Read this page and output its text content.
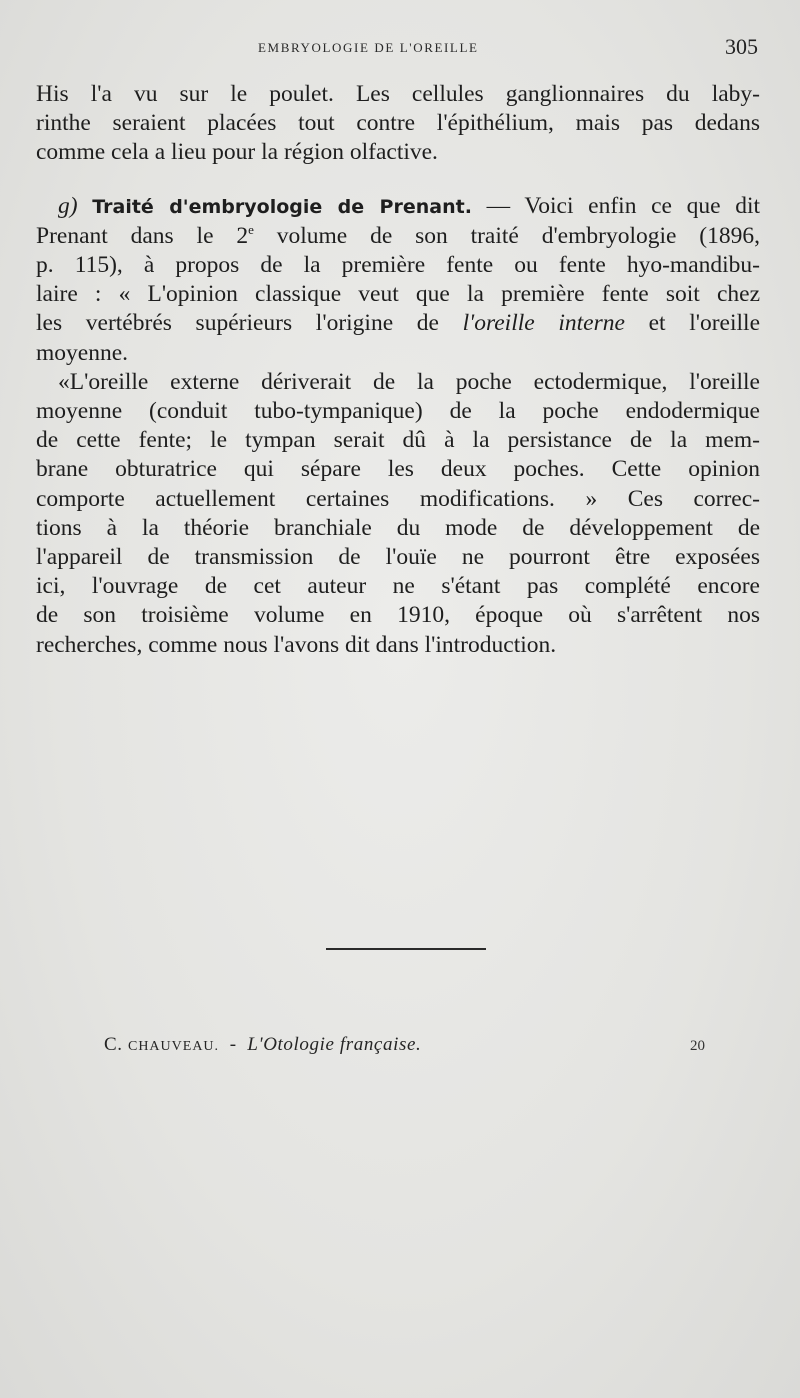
EMBRYOLOGIE DE L'OREILLE	305

His l'a vu sur le poulet. Les cellules ganglionnaires du laby-
rinthe seraient placées tout contre l'épithélium, mais pas dedans
comme cela a lieu pour la région olfactive.

g) Traité d'embryologie de Prenant. — Voici enfin ce que dit
Prenant dans le 2e volume de son traité d'embryologie (1896,
p. 115), à propos de la première fente ou fente hyo-mandibu-
laire : « L'opinion classique veut que la première fente soit chez
les vertébrés supérieurs l'origine de l'oreille interne et l'oreille
moyenne.

«L'oreille externe dériverait de la poche ectodermique, l'oreille
moyenne (conduit tubo-tympanique) de la poche endodermique
de cette fente; le tympan serait dû à la persistance de la mem-
brane obturatrice qui sépare les deux poches. Cette opinion
comporte actuellement certaines modifications. » Ces correc-
tions à la théorie branchiale du mode de développement de
l'appareil de transmission de l'ouïe ne pourront être exposées
ici, l'ouvrage de cet auteur ne s'étant pas complété encore
de son troisième volume en 1910, époque où s'arrêtent nos
recherches, comme nous l'avons dit dans l'introduction.

C. CHAUVEAU. - L'Otologie française.	20
